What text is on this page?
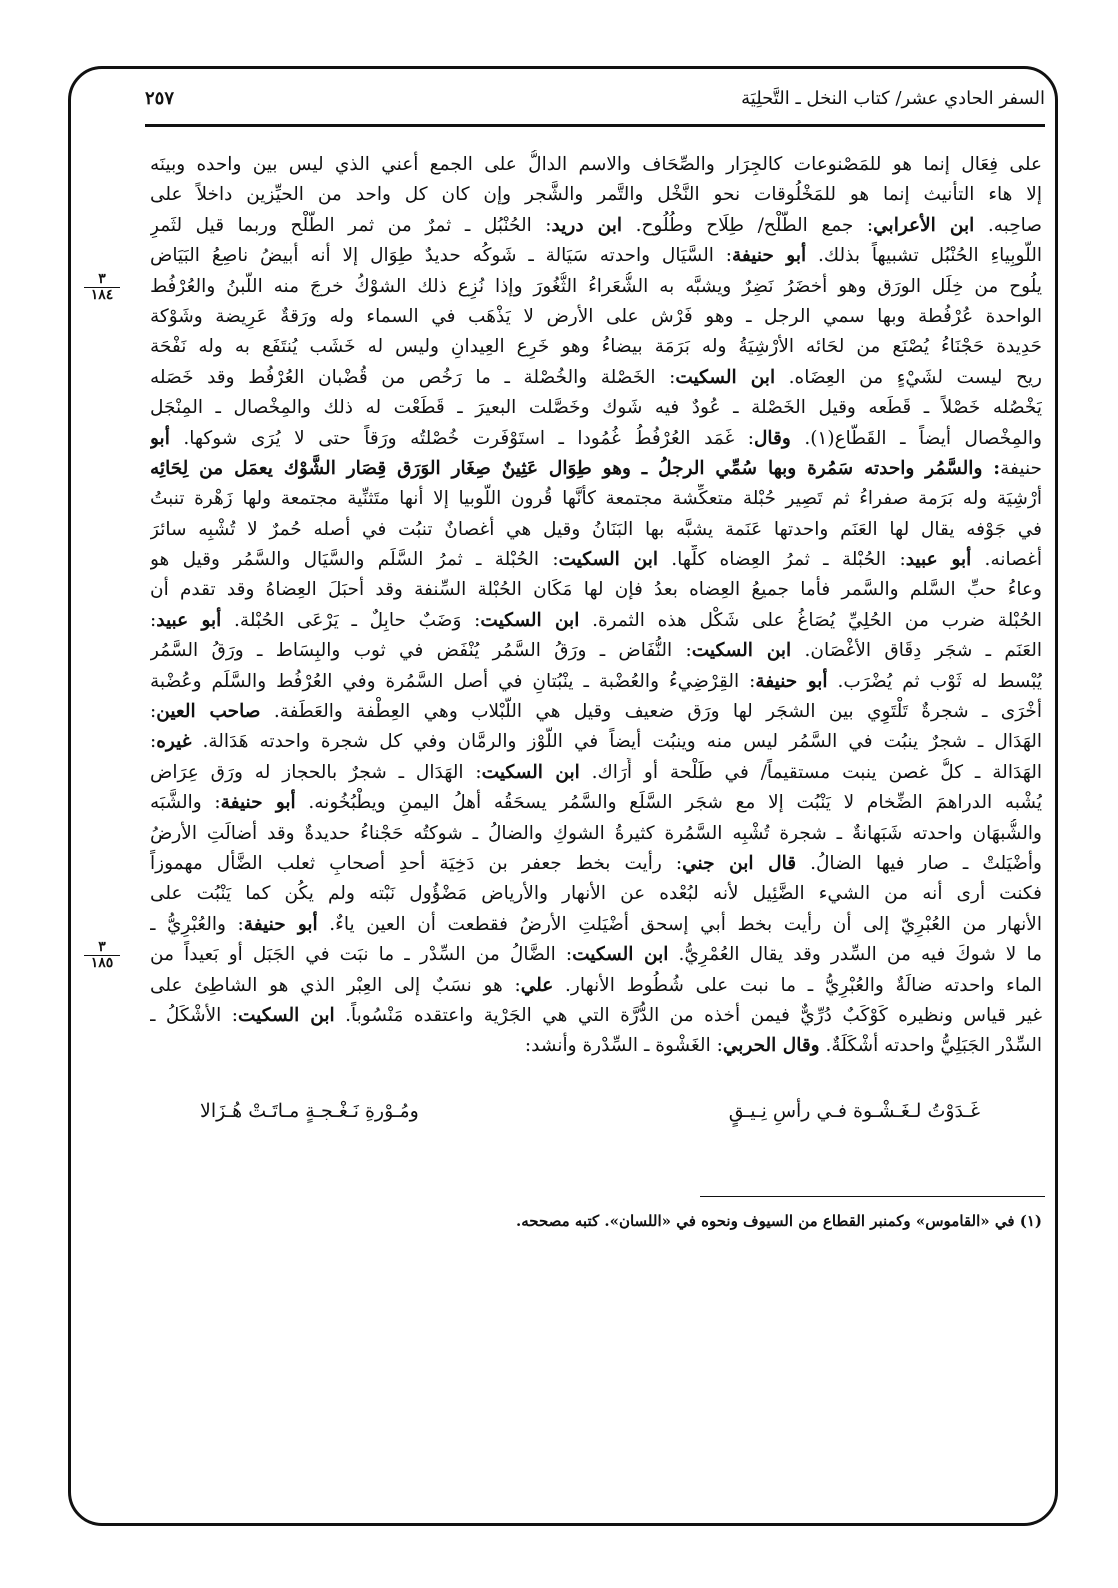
السفر الحادي عشر/ كتاب النخل ـ التَّحلِيَة
٢٥٧
٣
١٨٤
٣
١٨٥
على فِعَال إنما هو للمَصْنوعات كالجِرَار والصِّحَاف والاسم الدالُّ على الجمع أعني الذي ليس بين واحده وبينَه
إلا هاء التأنيث إنما هو للمَخْلُوقات نحو النَّخْل والتَّمر والشَّجر وإن كان كل واحد من الحيِّزين داخلاً على
صاحِبه. ابن الأعرابي: جمع الطَّلْح/ طِلَاح وطُلُوح. ابن دريد: الحُنْبُل ـ ثمرٌ من ثمر الطَّلْح وربما قيل لثَمرِ
اللُّوبِياءِ الحُنْبُل تشبيهاً بذلك. أبو حنيفة: السَّيَال واحدته سَيَالة ـ شَوكُه حديدٌ طِوَال إلا أنه أبيضُ ناصِعُ البَيَاض
يلُوح من خِلَل الورَق وهو أخضَرُ نَضِرٌ ويشبَّه به الشُّعَراءُ الثُّغُورَ وإذا نُزِع ذلك الشوْكُ خرجَ منه اللَّبنُ والعُرْفُط
الواحدة عُرْفُطة وبها سمي الرجل ـ وهو فَرْش على الأرض لا يَذْهَب في السماء وله ورَقةٌ عَرِيضة وشَوْكة
حَدِيدة حَجْنَاءُ يُصْنَع من لحَائه الأرْشِيَةُ وله بَرَمَة بيضاءُ وهو خَرِع العِيدانِ وليس له خَشَب يُنتَفَع به وله نَفْحَة
ريح ليست لشَيْءٍ من العِضَاه. ابن السكيت: الخَصْلة والخُصْلة ـ ما رَخُص من قُضْبان العُرْفُط وقد خَصَله
يَخْصُله خَصْلاً ـ قَطَعه وقيل الخَصْلة ـ عُودٌ فيه شَوك وخَصَّلت البعيرَ ـ قَطَعْت له ذلك والمِخْصال ـ المِنْجَل
والمِخْصال أيضاً ـ القَطَّاع(١). وقال: غَمَد العُرْفُطُ غُمُودا ـ استَوْفَرت خُصْلتُه ورَقاً حتى لا يُرَى شوكها. أبو
حنيفة: والسَّمُر واحدته سَمُرة وبها سُمِّي الرجلُ ـ وهو طِوَال عَثِينٌ صِغَار الوَرَق قِصَار الشَّوْك يعمَل من لِحَائِه
أرْشِيَة وله بَرَمة صفراءُ ثم تَصِير حُبْلة متعكِّشة مجتمعة كأنَّها قُرون اللُّوبيا إلا أنها متَثنِّية مجتمعة ولها زَهْرة تنبتُ
في جَوْفه يقال لها العَنَم واحدتها عَنَمة يشبَّه بها البَنَانُ وقيل هي أغصانٌ تنبُت في أصله حُمرٌ لا تُشْبِه سائرَ
أغصانه. أبو عبيد: الحُبْلة ـ ثمرُ العِضاه كلِّها. ابن السكيت: الحُبْلة ـ ثمرُ السَّلَم والسَّيَال والسَّمُر وقيل هو
وعاءُ حبِّ السَّلم والسَّمر فأما جميعُ العِضاه بعدُ فإن لها مَكَان الحُبْلة السِّنفة وقد أحبَلَ العِضاهُ وقد تقدم أن
الحُبْلة ضرب من الحُلِيِّ يُصَاغُ على شَكْل هذه الثمرة. ابن السكيت: وَضَبٌ حابِلٌ ـ يَرْعَى الحُبْلة. أبو عبيد:
العَنَم ـ شجَر دِقَاق الأغْصَان. ابن السكيت: النُّفَاض ـ ورَقُ السَّمُر يُنْفَض في ثوب والبِسَاط ـ ورَقُ السَّمُر
يُبْسط له ثَوْب ثم يُضْرَب. أبو حنيفة: القِرْضِيءُ والعُضْبة ـ ينْبُتانِ في أصل السَّمُرة وفي العُرْفُط والسَّلَم وعُضْبة
أخْرَى ـ شجرةٌ تَلْتَوِي بين الشجَر لها ورَق ضعيف وقيل هي اللَّبْلاب وهي العِطْفة والعَطَفة. صاحب العين:
الهَدَال ـ شجرٌ ينبُت في السَّمُر ليس منه وينبُت أيضاً في اللَّوْز والرمَّان وفي كل شجرة واحدته هَدَالة. غيره:
الهَدَالة ـ كلُّ غصن ينبت مستقيماً/ في طَلْحة أو أَرَاك. ابن السكيت: الهَدَال ـ شجرٌ بالحجاز له ورَق عِرَاض
يُشْبه الدراهمَ الضِّخام لا يَنْبُت إلا مع شجَر السَّلَع والسَّمُر يسحَقُه أهلُ اليمنِ ويطْبُخُونه. أبو حنيفة: والشَّبَه
والشُّبهَان واحدته شَبَهانةٌ ـ شجرة تُشْبِه السَّمُرة كثيرةُ الشوكِ والضالُ ـ شوكتُه حَجْناءُ حديدةٌ وقد أضالَتِ الأرضُ
وأضْيَلتْ ـ صار فيها الضالُ. قال ابن جني: رأيت بخط جعفر بن دَخِيَة أحدِ أصحابِ ثعلب الضَّأْل مهموزاً
فكنت أرى أنه من الشيء الضَّئِيل لأنه لبُعْده عن الأنهار والأرياض مَضْؤُول نَبْته ولم يكُن كما يَنْبُت على
الأنهار من العُبْرِيّ إلى أن رأيت بخط أبي إسحق أضْيَلتِ الأرضُ فقطعت أن العين ياءٌ. أبو حنيفة: والعُبْرِيُّ ـ
ما لا شوكَ فيه من السِّدر وقد يقال العُمْرِيُّ. ابن السكيت: الضَّالُ من السِّدْر ـ ما نبَت في الجَبَل أو بَعيداً من
الماء واحدته ضالَةٌ والعُبْرِيُّ ـ ما نبت على شُطُوط الأنهار. علي: هو نسَبٌ إلى العِبْر الذي هو الشاطِئ على
غير قياس ونظيره كَوْكَبٌ دُرِّيٌّ فيمن أخذه من الدُّرَّة التي هي الجَرْية واعتقده مَنْسُوباً. ابن السكيت: الأشْكَلُ ـ
السِّدْر الجَبَلِيُّ واحدته أشْكَلَةٌ. وقال الحربي: الغَشْوة ـ السِّدْرة وأنشد:
غَـدَوْتُ لـغَـشْـوة فـي رأسِ نِـيـقٍ
ومُـوْرةِ نَـغْـجـةٍ مـاتَـتْ هُـزَالا
(١) في «القاموس» وكمنبر القطاع من السيوف ونحوه في «اللسان». كتبه مصححه.
